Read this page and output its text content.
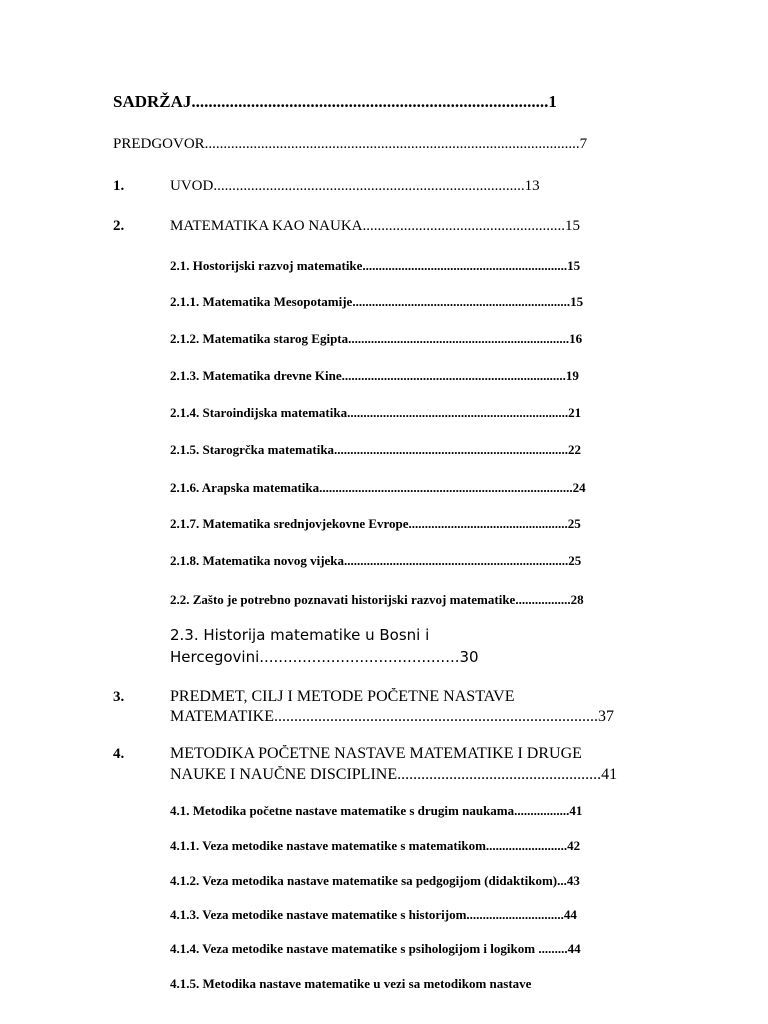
SADRŽAJ....................................................................................1
PREDGOVOR....................................................................................................7
1.	UVOD...................................................................................13
2.	MATEMATIKA KAO NAUKA......................................................15
2.1. Hostorijski razvoj matematike...............................................................15
2.1.1. Matematika Mesopotamije...................................................................15
2.1.2. Matematika starog Egipta....................................................................16
2.1.3. Matematika drevne Kine.....................................................................19
2.1.4. Staroindijska matematika....................................................................21
2.1.5. Starogrčka matematika........................................................................22
2.1.6. Arapska matematika..............................................................................24
2.1.7. Matematika srednjovjekovne Evrope.................................................25
2.1.8. Matematika novog vijeka.....................................................................25
2.2. Zašto je potrebno poznavati historijski razvoj matematike.................28
2.3. Historija matematike u Bosni i
Hercegovini..........................................30
3.	PREDMET, CILJ I METODE POČETNE NASTAVE
MATEMATIKE.................................................................................37
4.	METODIKA POČETNE NASTAVE MATEMATIKE I DRUGE
NAUKE I NAUČNE DISCIPLINE...................................................41
4.1. Metodika početne nastave matematike s drugim naukama.................41
4.1.1. Veza metodike nastave matematike s matematikom.........................42
4.1.2. Veza metodika nastave matematike sa pedgogijom (didaktikom)...43
4.1.3. Veza metodike nastave matematike s historijom..............................44
4.1.4. Veza metodike nastave matematike s psihologijom i logikom .........44
4.1.5. Metodika nastave matematike u vezi sa metodikom nastave
